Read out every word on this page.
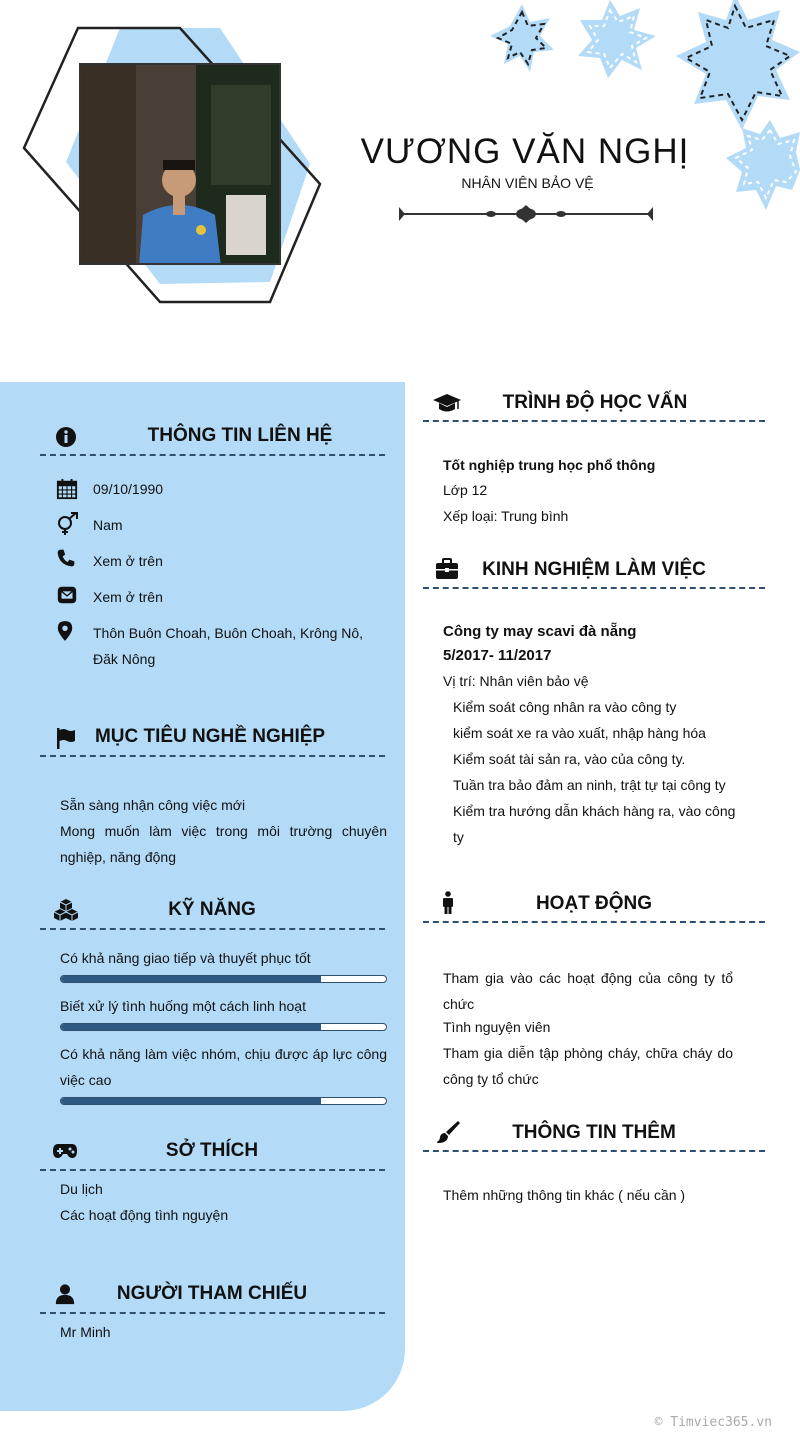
VƯƠNG VĂN NGHỊ
NHÂN VIÊN BẢO VỆ
THÔNG TIN LIÊN HỆ
09/10/1990
Nam
Xem ở trên
Xem ở trên
Thôn Buôn Choah, Buôn Choah, Krông Nô,
Đăk Nông
MỤC TIÊU NGHỀ NGHIỆP
Sẵn sàng nhận công việc mới
Mong muốn làm việc trong môi trường chuyên nghiệp, năng động
KỸ NĂNG
Có khả năng giao tiếp và thuyết phục tốt
Biết xử lý tình huống một cách linh hoạt
Có khả năng làm việc nhóm, chịu được áp lực công việc cao
SỞ THÍCH
Du lịch
Các hoạt động tình nguyện
NGƯỜI THAM CHIẾU
Mr Minh
TRÌNH ĐỘ HỌC VẤN
Tốt nghiệp trung học phổ thông
Lớp 12
Xếp loại: Trung bình
KINH NGHIỆM LÀM VIỆC
Công ty may scavi đà nẵng
5/2017- 11/2017
Vị trí: Nhân viên bảo vệ
Kiểm soát công nhân ra vào công ty
kiểm soát xe ra vào xuất, nhập hàng hóa
Kiểm soát tài sản ra, vào của công ty.
Tuần tra bảo đảm an ninh, trật tự tại công ty
Kiểm tra hướng dẫn khách hàng ra, vào công ty
HOẠT ĐỘNG
Tham gia vào các hoạt động của công ty tổ chức
Tình nguyện viên
Tham gia diễn tập phòng cháy, chữa cháy do công ty tổ chức
THÔNG TIN THÊM
Thêm những thông tin khác ( nếu cần )
© Timviec365.vn
